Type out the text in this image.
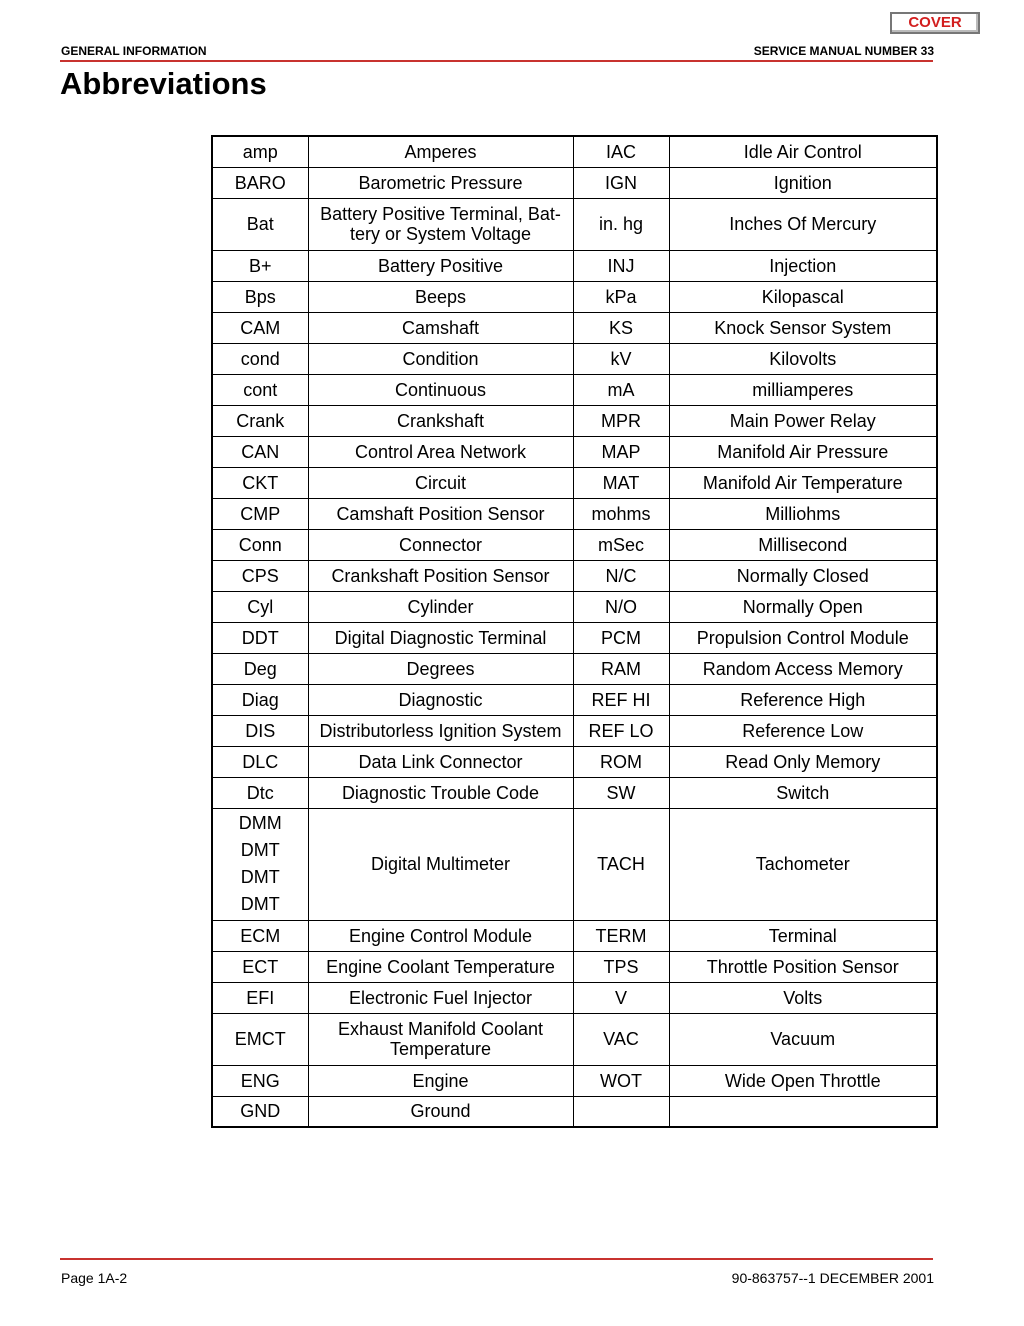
COVER
GENERAL INFORMATION	SERVICE MANUAL NUMBER 33
Abbreviations
amp	Amperes	IAC	Idle Air Control
BARO	Barometric Pressure	IGN	Ignition
Bat	Battery Positive Terminal, Bat-tery or System Voltage	in. hg	Inches Of Mercury
B+	Battery Positive	INJ	Injection
Bps	Beeps	kPa	Kilopascal
CAM	Camshaft	KS	Knock Sensor System
cond	Condition	kV	Kilovolts
cont	Continuous	mA	milliamperes
Crank	Crankshaft	MPR	Main Power Relay
CAN	Control Area Network	MAP	Manifold Air Pressure
CKT	Circuit	MAT	Manifold Air Temperature
CMP	Camshaft Position Sensor	mohms	Milliohms
Conn	Connector	mSec	Millisecond
CPS	Crankshaft Position Sensor	N/C	Normally Closed
Cyl	Cylinder	N/O	Normally Open
DDT	Digital Diagnostic Terminal	PCM	Propulsion Control Module
Deg	Degrees	RAM	Random Access Memory
Diag	Diagnostic	REF HI	Reference High
DIS	Distributorless Ignition System	REF LO	Reference Low
DLC	Data Link Connector	ROM	Read Only Memory
Dtc	Diagnostic Trouble Code	SW	Switch

DMM
DMT
DMT
DMT	Digital Multimeter	TACH	Tachometer
ECM	Engine Control Module	TERM	Terminal
ECT	Engine Coolant Temperature	TPS	Throttle Position Sensor
EFI	Electronic Fuel Injector	V	Volts
EMCT	Exhaust Manifold Coolant Temperature	VAC	Vacuum
ENG	Engine	WOT	Wide Open Throttle
GND	Ground		
Page 1A-2	90-863757--1 DECEMBER 2001
